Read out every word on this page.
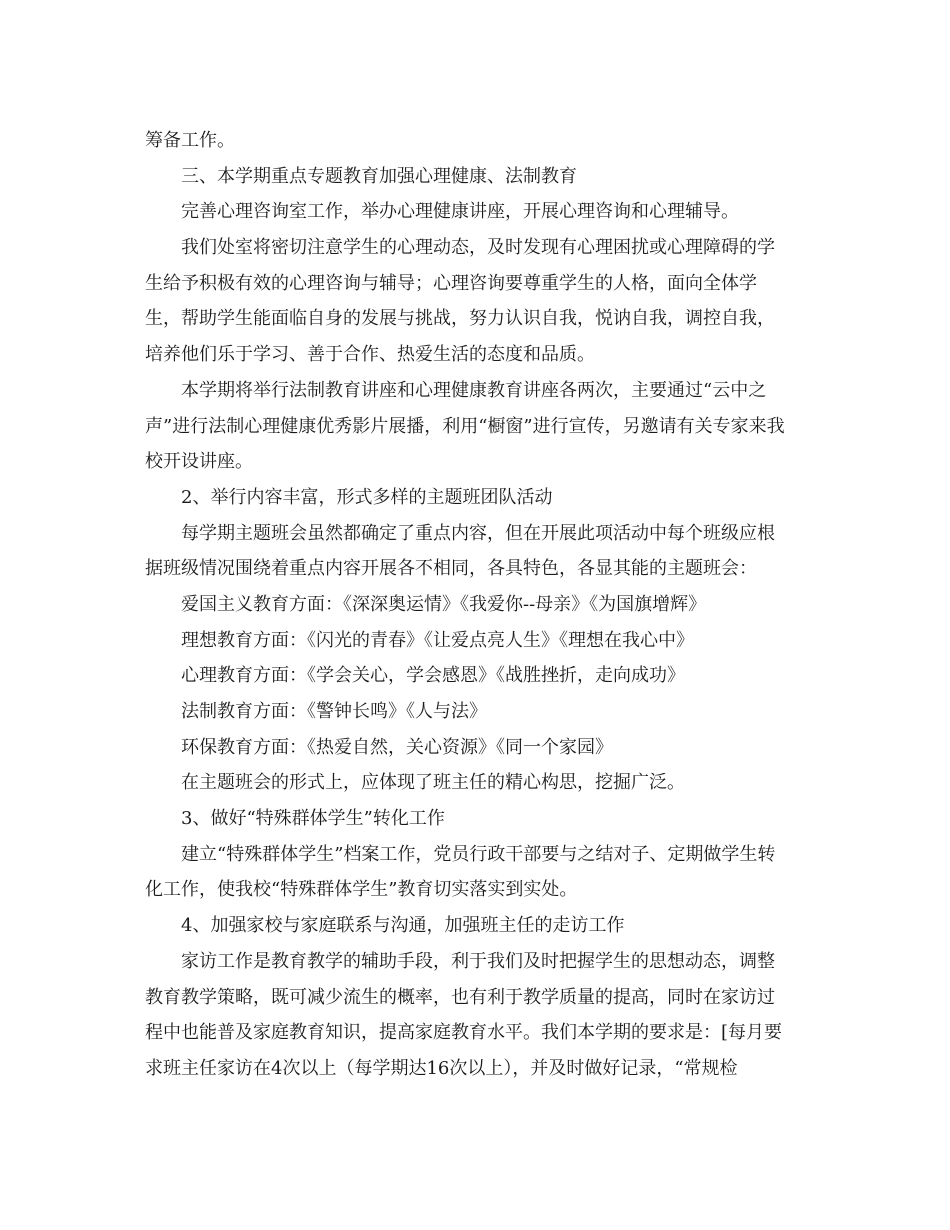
筹备工作。
三、本学期重点专题教育加强心理健康、法制教育
完善心理咨询室工作，举办心理健康讲座，开展心理咨询和心理辅导。
我们处室将密切注意学生的心理动态，及时发现有心理困扰或心理障碍的学
生给予积极有效的心理咨询与辅导；心理咨询要尊重学生的人格，面向全体学
生，帮助学生能面临自身的发展与挑战，努力认识自我，悦讷自我，调控自我，
培养他们乐于学习、善于合作、热爱生活的态度和品质。
本学期将举行法制教育讲座和心理健康教育讲座各两次，主要通过“云中之
声”进行法制心理健康优秀影片展播，利用“橱窗”进行宣传，另邀请有关专家来我
校开设讲座。
2、举行内容丰富，形式多样的主题班团队活动
每学期主题班会虽然都确定了重点内容，但在开展此项活动中每个班级应根
据班级情况围绕着重点内容开展各不相同，各具特色，各显其能的主题班会：
爱国主义教育方面：《深深奥运情》《我爱你--母亲》《为国旗增辉》
理想教育方面：《闪光的青春》《让爱点亮人生》《理想在我心中》
心理教育方面：《学会关心，学会感恩》《战胜挫折，走向成功》
法制教育方面：《警钟长鸣》《人与法》
环保教育方面：《热爱自然，关心资源》《同一个家园》
在主题班会的形式上，应体现了班主任的精心构思，挖掘广泛。
3、做好“特殊群体学生”转化工作
建立“特殊群体学生”档案工作，党员行政干部要与之结对子、定期做学生转
化工作，使我校“特殊群体学生”教育切实落实到实处。
4、加强家校与家庭联系与沟通，加强班主任的走访工作
家访工作是教育教学的辅助手段，利于我们及时把握学生的思想动态，调整
教育教学策略，既可减少流生的概率，也有利于教学质量的提高，同时在家访过
程中也能普及家庭教育知识，提高家庭教育水平。我们本学期的要求是：[每月要
求班主任家访在4次以上（每学期达16次以上），并及时做好记录，“常规检
